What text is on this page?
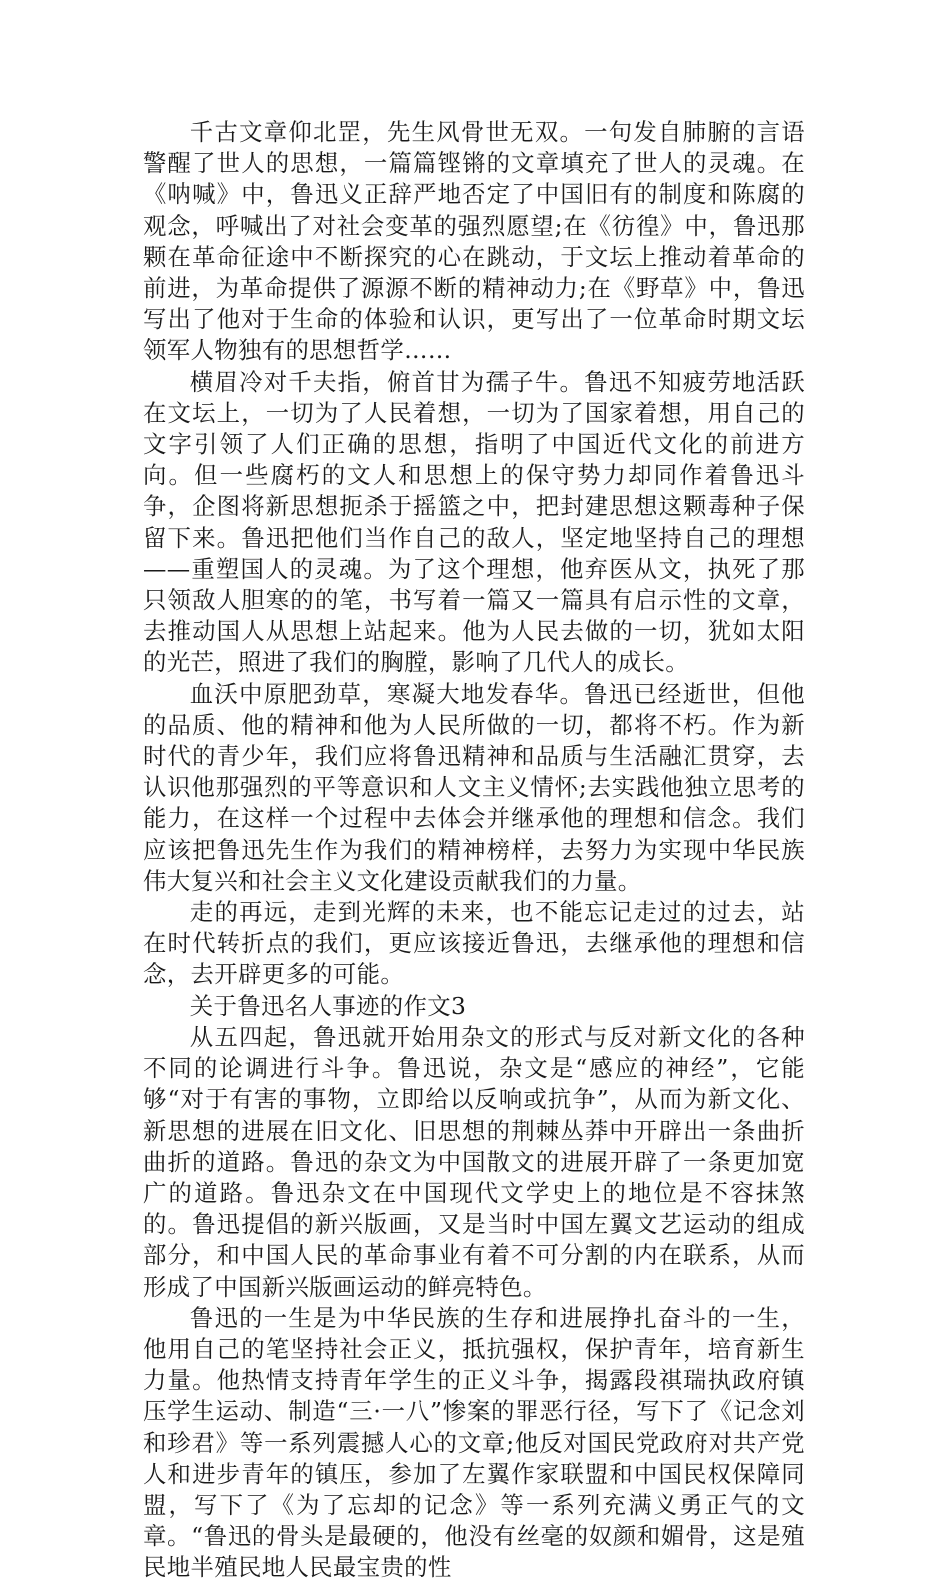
千古文章仰北罡，先生风骨世无双。一句发自肺腑的言语警醒了世人的思想，一篇篇铿锵的文章填充了世人的灵魂。在《呐喊》中，鲁迅义正辞严地否定了中国旧有的制度和陈腐的观念，呼喊出了对社会变革的强烈愿望;在《彷徨》中，鲁迅那颗在革命征途中不断探究的心在跳动，于文坛上推动着革命的前进，为革命提供了源源不断的精神动力;在《野草》中，鲁迅写出了他对于生命的体验和认识，更写出了一位革命时期文坛领军人物独有的思想哲学……

横眉冷对千夫指，俯首甘为孺子牛。鲁迅不知疲劳地活跃在文坛上，一切为了人民着想，一切为了国家着想，用自己的文字引领了人们正确的思想，指明了中国近代文化的前进方向。但一些腐朽的文人和思想上的保守势力却同作着鲁迅斗争，企图将新思想扼杀于摇篮之中，把封建思想这颗毒种子保留下来。鲁迅把他们当作自己的敌人，坚定地坚持自己的理想——重塑国人的灵魂。为了这个理想，他弃医从文，执死了那只领敌人胆寒的的笔，书写着一篇又一篇具有启示性的文章，去推动国人从思想上站起来。他为人民去做的一切，犹如太阳的光芒，照进了我们的胸膛，影响了几代人的成长。

血沃中原肥劲草，寒凝大地发春华。鲁迅已经逝世，但他的品质、他的精神和他为人民所做的一切，都将不朽。作为新时代的青少年，我们应将鲁迅精神和品质与生活融汇贯穿，去认识他那强烈的平等意识和人文主义情怀;去实践他独立思考的能力，在这样一个过程中去体会并继承他的理想和信念。我们应该把鲁迅先生作为我们的精神榜样，去努力为实现中华民族伟大复兴和社会主义文化建设贡献我们的力量。

走的再远，走到光辉的未来，也不能忘记走过的过去，站在时代转折点的我们，更应该接近鲁迅，去继承他的理想和信念，去开辟更多的可能。

关于鲁迅名人事迹的作文3

从五四起，鲁迅就开始用杂文的形式与反对新文化的各种不同的论调进行斗争。鲁迅说，杂文是“感应的神经”，它能够“对于有害的事物，立即给以反响或抗争”，从而为新文化、新思想的进展在旧文化、旧思想的荆棘丛莽中开辟出一条曲折曲折的道路。鲁迅的杂文为中国散文的进展开辟了一条更加宽广的道路。鲁迅杂文在中国现代文学史上的地位是不容抹煞的。鲁迅提倡的新兴版画，又是当时中国左翼文艺运动的组成部分，和中国人民的革命事业有着不可分割的内在联系，从而形成了中国新兴版画运动的鲜亮特色。

鲁迅的一生是为中华民族的生存和进展挣扎奋斗的一生，他用自己的笔坚持社会正义，抵抗强权，保护青年，培育新生力量。他热情支持青年学生的正义斗争，揭露段祺瑞执政府镇压学生运动、制造“三·一八”惨案的罪恶行径，写下了《记念刘和珍君》等一系列震撼人心的文章;他反对国民党政府对共产党人和进步青年的镇压，参加了左翼作家联盟和中国民权保障同盟，写下了《为了忘却的记念》等一系列充满义勇正气的文章。“鲁迅的骨头是最硬的，他没有丝毫的奴颜和媚骨，这是殖民地半殖民地人民最宝贵的性
